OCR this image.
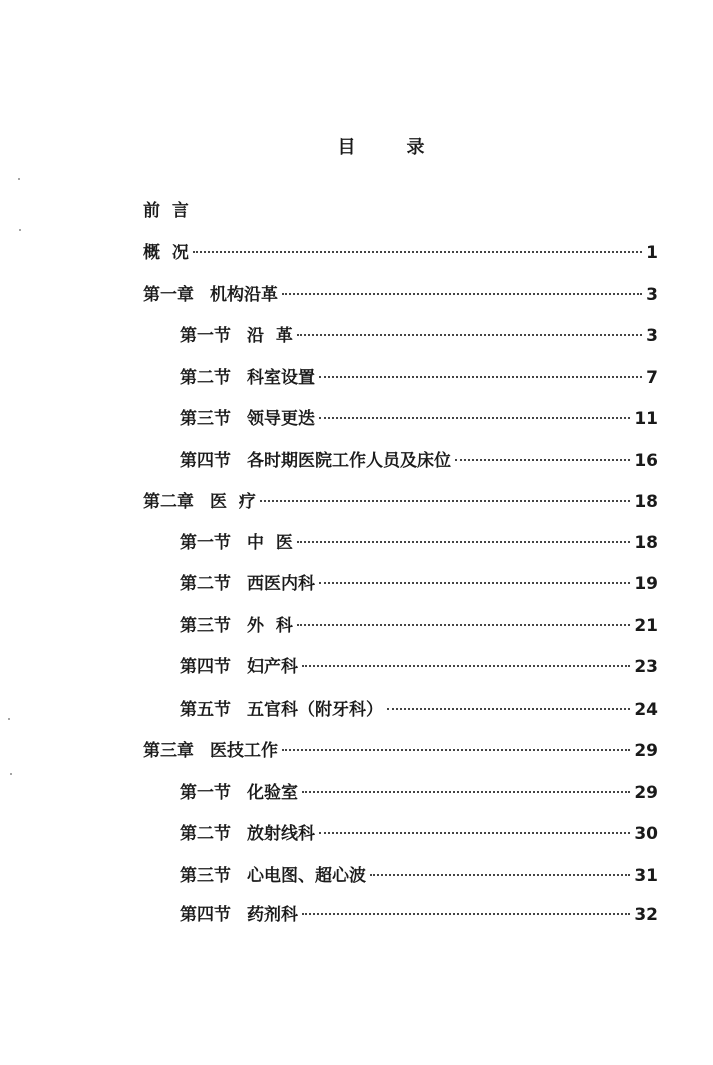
目	录
前  言
概  况	1
第一章 机构沿革	3
第一节 沿  革	3
第二节 科室设置	7
第三节 领导更迭	11
第四节 各时期医院工作人员及床位	16
第二章 医  疗	18
第一节 中  医	18
第二节 西医内科	19
第三节 外  科	21
第四节 妇产科	23
第五节 五官科（附牙科）	24
第三章 医技工作	29
第一节 化验室	29
第二节 放射线科	30
第三节 心电图、超心波	31
第四节 药剂科	32
